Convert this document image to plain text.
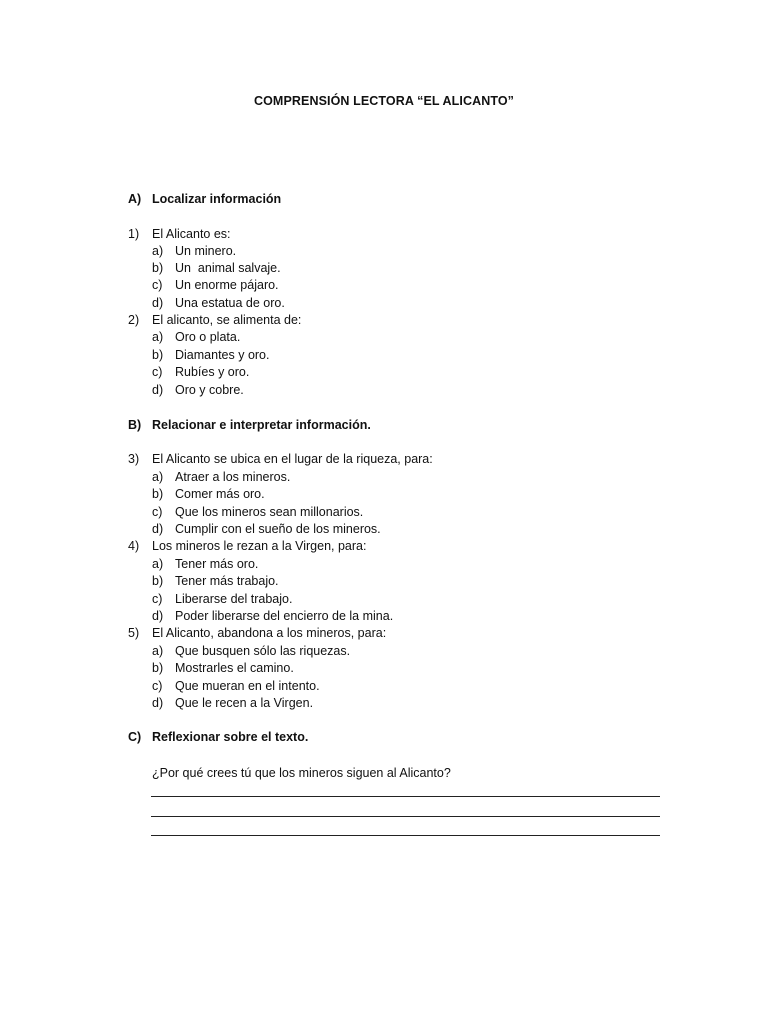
COMPRENSIÓN LECTORA “EL ALICANTO”
A) Localizar información
1) El Alicanto es:
a) Un minero.
b) Un  animal salvaje.
c) Un enorme pájaro.
d) Una estatua de oro.
2) El alicanto, se alimenta de:
a) Oro o plata.
b) Diamantes y oro.
c) Rubíes y oro.
d) Oro y cobre.
B) Relacionar e interpretar información.
3) El Alicanto se ubica en el lugar de la riqueza, para:
a) Atraer a los mineros.
b) Comer más oro.
c) Que los mineros sean millonarios.
d) Cumplir con el sueño de los mineros.
4) Los mineros le rezan a la Virgen, para:
a) Tener más oro.
b) Tener más trabajo.
c) Liberarse del trabajo.
d) Poder liberarse del encierro de la mina.
5) El Alicanto, abandona a los mineros, para:
a) Que busquen sólo las riquezas.
b) Mostrarles el camino.
c) Que mueran en el intento.
d) Que le recen a la Virgen.
C) Reflexionar sobre el texto.
¿Por qué crees tú que los mineros siguen al Alicanto?
